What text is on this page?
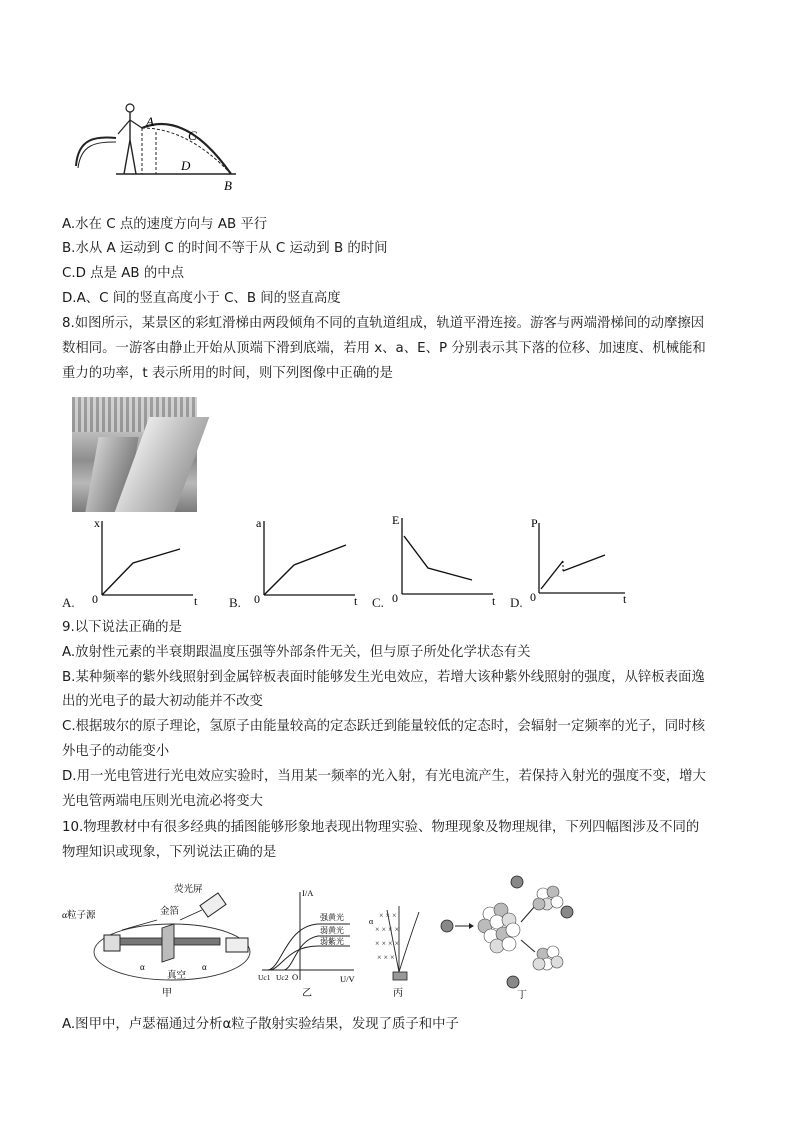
A
C
D
B
A.水在 C 点的速度方向与 AB 平行
B.水从 A 运动到 C 的时间不等于从 C 运动到 B 的时间
C.D 点是 AB 的中点
D.A、C 间的竖直高度小于 C、B 间的竖直高度
8.如图所示，某景区的彩虹滑梯由两段倾角不同的直轨道组成，轨道平滑连接。游客与两端滑梯间的动摩擦因
数相同。一游客由静止开始从顶端下滑到底端，若用 x、a、E、P 分别表示其下落的位移、加速度、机械能和
重力的功率，t 表示所用的时间，则下列图像中正确的是
A.
x
t
0	B.
a
t
0	C.
E
t
0	D.
P
t
0
9.以下说法正确的是
A.放射性元素的半衰期跟温度压强等外部条件无关，但与原子所处化学状态有关
B.某种频率的紫外线照射到金属锌板表面时能够发生光电效应，若增大该种紫外线照射的强度，从锌板表面逸
出的光电子的最大初动能并不改变
C.根据玻尔的原子理论，氢原子由能量较高的定态跃迁到能量较低的定态时，会辐射一定频率的光子，同时核
外电子的动能变小
D.用一光电管进行光电效应实验时，当用某一频率的光入射，有光电流产生，若保持入射光的强度不变，增大
光电管两端电压则光电流必将变大
10.物理教材中有很多经典的插图能够形象地表现出物理实验、物理现象及物理规律，下列四幅图涉及不同的
物理知识或现象，下列说法正确的是
α粒子源
荧光屏
金箔
α	α
真空
甲
I/A
U/V
O
Uc1 Uc2
强黄光
弱黄光
弱紫光
乙
× × ×
× × × ×
× × × ×
× × ×
α
丙	丁
A.图甲中，卢瑟福通过分析α粒子散射实验结果，发现了质子和中子
